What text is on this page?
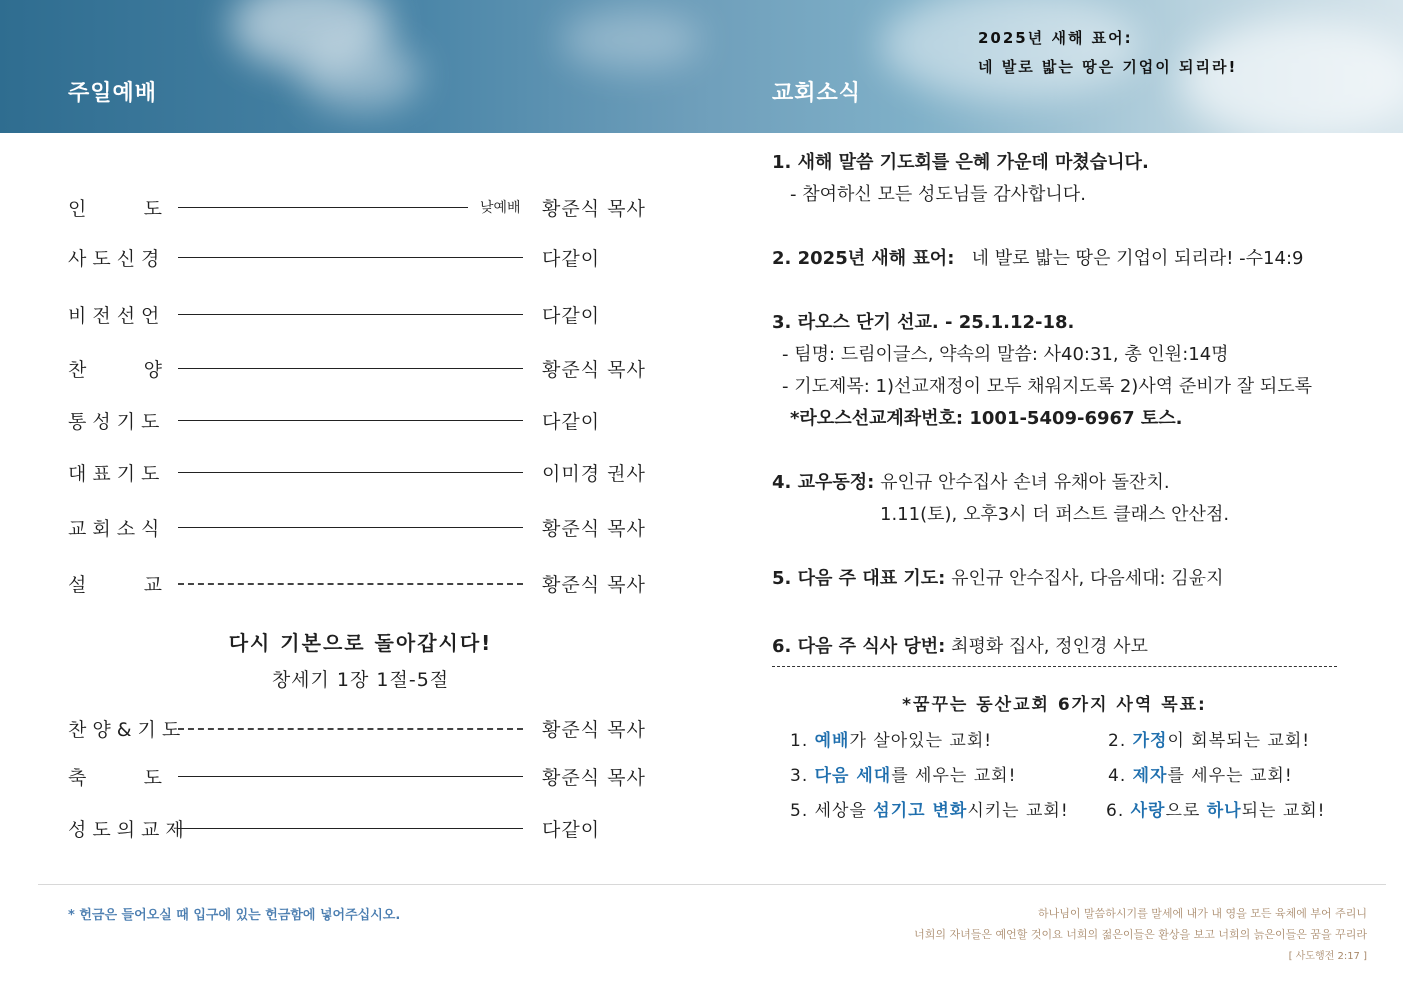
주일예배	교회소식
2025년 새해 표어:
네 발로 밟는 땅은 기업이 되리라!
인	도	낮예배 황준식 목사
사도신경	다같이
비전선언	다같이
찬	양	황준식 목사
통성기도	다같이
대표기도	이미경 권사
교회소식	황준식 목사
설	교	황준식 목사
다시 기본으로 돌아갑시다!
창세기 1장 1절-5절
찬양&기도	황준식 목사
축	도	황준식 목사
성도의교제	다같이
1. 새해 말씀 기도회를 은혜 가운데 마쳤습니다.
- 참여하신 모든 성도님들 감사합니다.
2. 2025년 새해 표어: 네 발로 밟는 땅은 기업이 되리라! -수14:9
3. 라오스 단기 선교. - 25.1.12-18.
- 팀명: 드림이글스, 약속의 말씀: 사40:31, 총 인원:14명
- 기도제목: 1)선교재정이 모두 채워지도록 2)사역 준비가 잘 되도록
*라오스선교계좌번호: 1001-5409-6967 토스.
4. 교우동정: 유인규 안수집사 손녀 유채아 돌잔치.
1.11(토), 오후3시 더 퍼스트 클래스 안산점.
5. 다음 주 대표 기도: 유인규 안수집사, 다음세대: 김윤지
6. 다음 주 식사 당번: 최평화 집사, 정인경 사모
*꿈꾸는 동산교회 6가지 사역 목표:
1. 예배가 살아있는 교회!	2. 가정이 회복되는 교회!
3. 다음 세대를 세우는 교회!	4. 제자를 세우는 교회!
5. 세상을 섬기고 변화시키는 교회! 6. 사랑으로 하나되는 교회!
* 헌금은 들어오실 때 입구에 있는 헌금함에 넣어주십시오.	하나님이 말씀하시기를 말세에 내가 내 영을 모든 육체에 부어 주리니
너희의 자녀들은 예언할 것이요 너희의 젊은이들은 환상을 보고 너희의 늙은이들은 꿈을 꾸리라
[ 사도행전 2:17 ]
